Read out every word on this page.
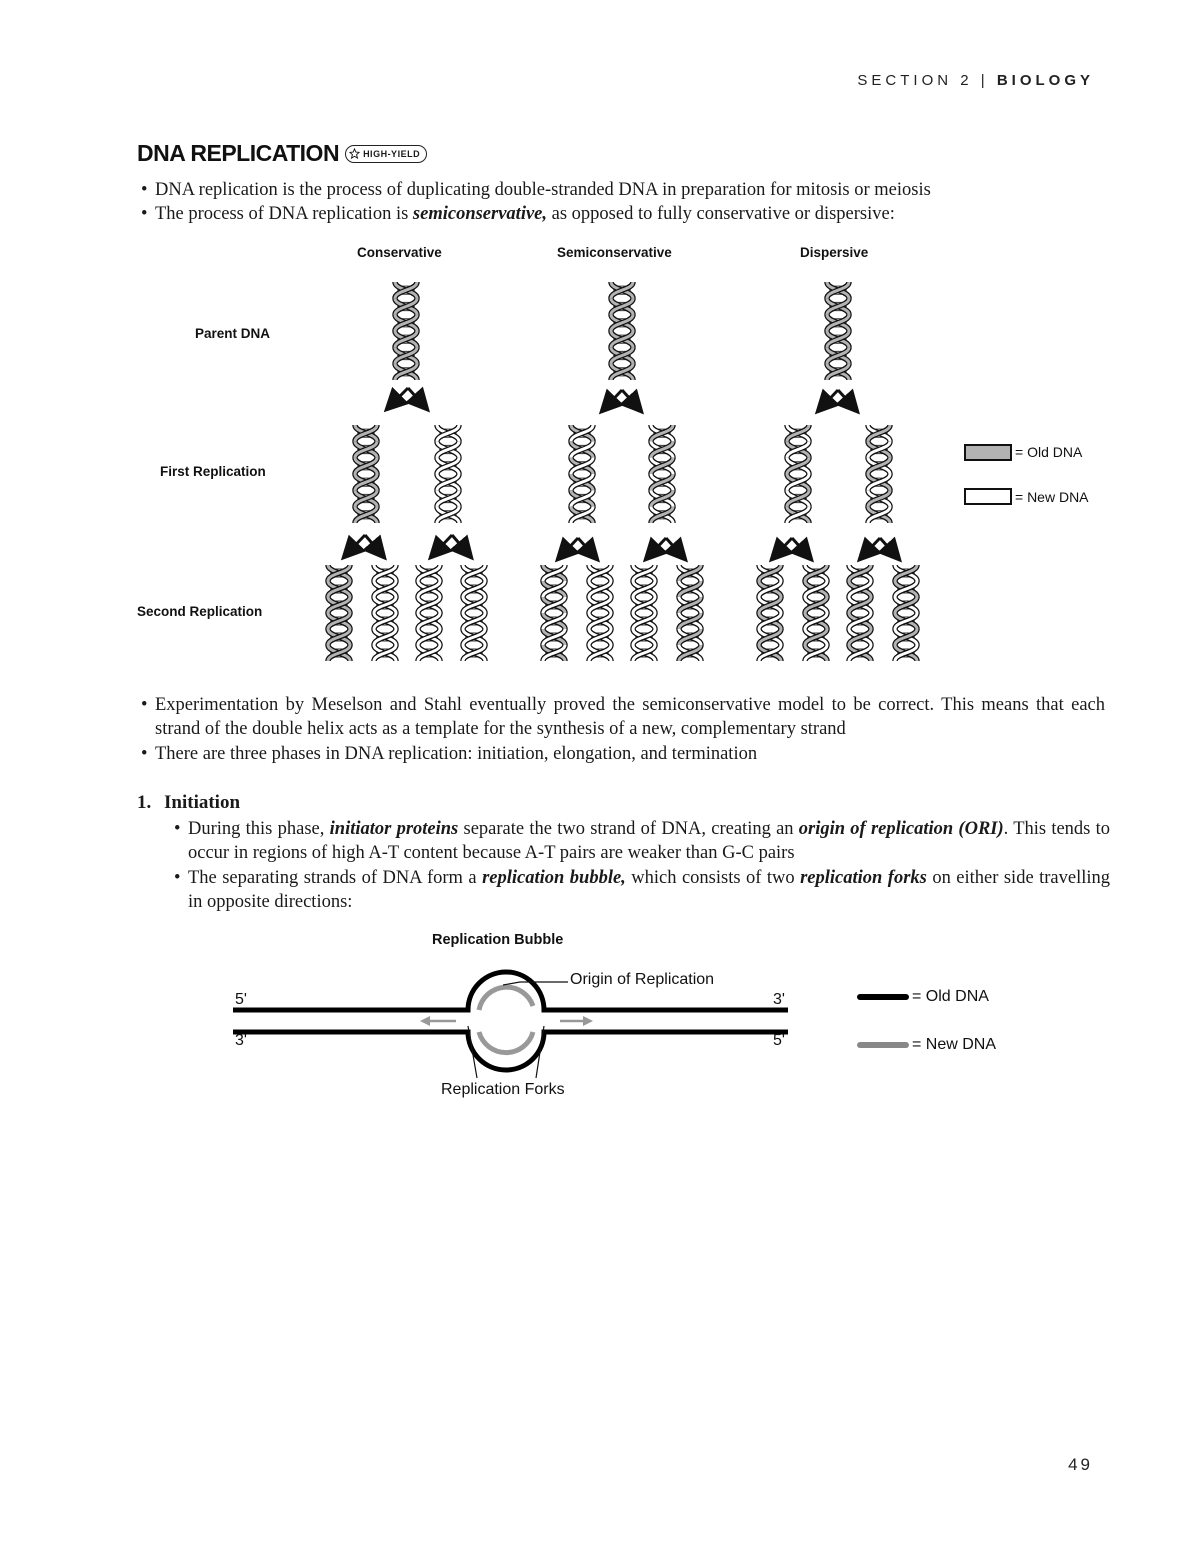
SECTION 2 | BIOLOGY
DNA REPLICATION	HIGH-YIELD
• DNA replication is the process of duplicating double-stranded DNA in preparation for mitosis or meiosis
• The process of DNA replication is semiconservative, as opposed to fully conservative or dispersive:
Conservative	Semiconservative	Dispersive
Parent DNA
First Replication
Second Replication
= Old DNA
= New DNA
• Experimentation by Meselson and Stahl eventually proved the semiconservative model to be correct. This means that each strand of the double helix acts as a template for the synthesis of a new, complementary strand
• There are three phases in DNA replication: initiation, elongation, and termination
1. Initiation
• During this phase, initiator proteins separate the two strand of DNA, creating an origin of replication (ORI). This tends to occur in regions of high A-T content because A-T pairs are weaker than G-C pairs
• The separating strands of DNA form a replication bubble, which consists of two replication forks on either side travelling in opposite directions:
Replication Bubble
Origin of Replication
Replication Forks
5'	3'
3'	5'
= Old DNA
= New DNA
49
